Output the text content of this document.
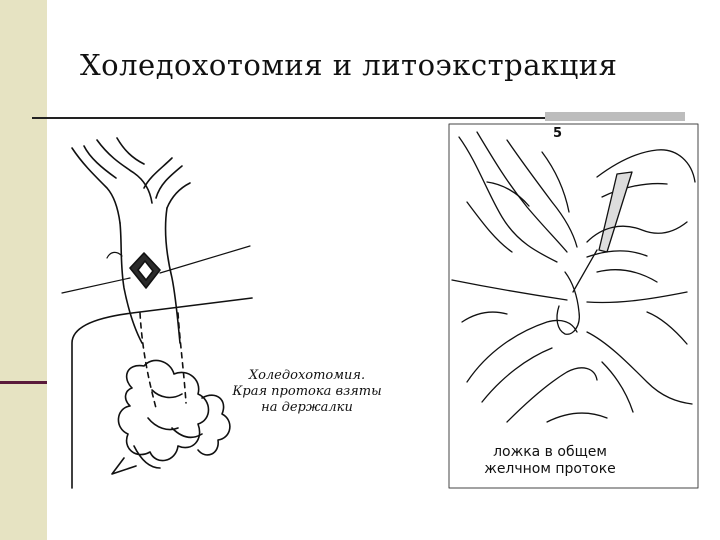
Холедохотомия и литоэкстракция
Холедохотомия.
Края протока взяты
на держалки
5
ложка в общем
желчном протоке
